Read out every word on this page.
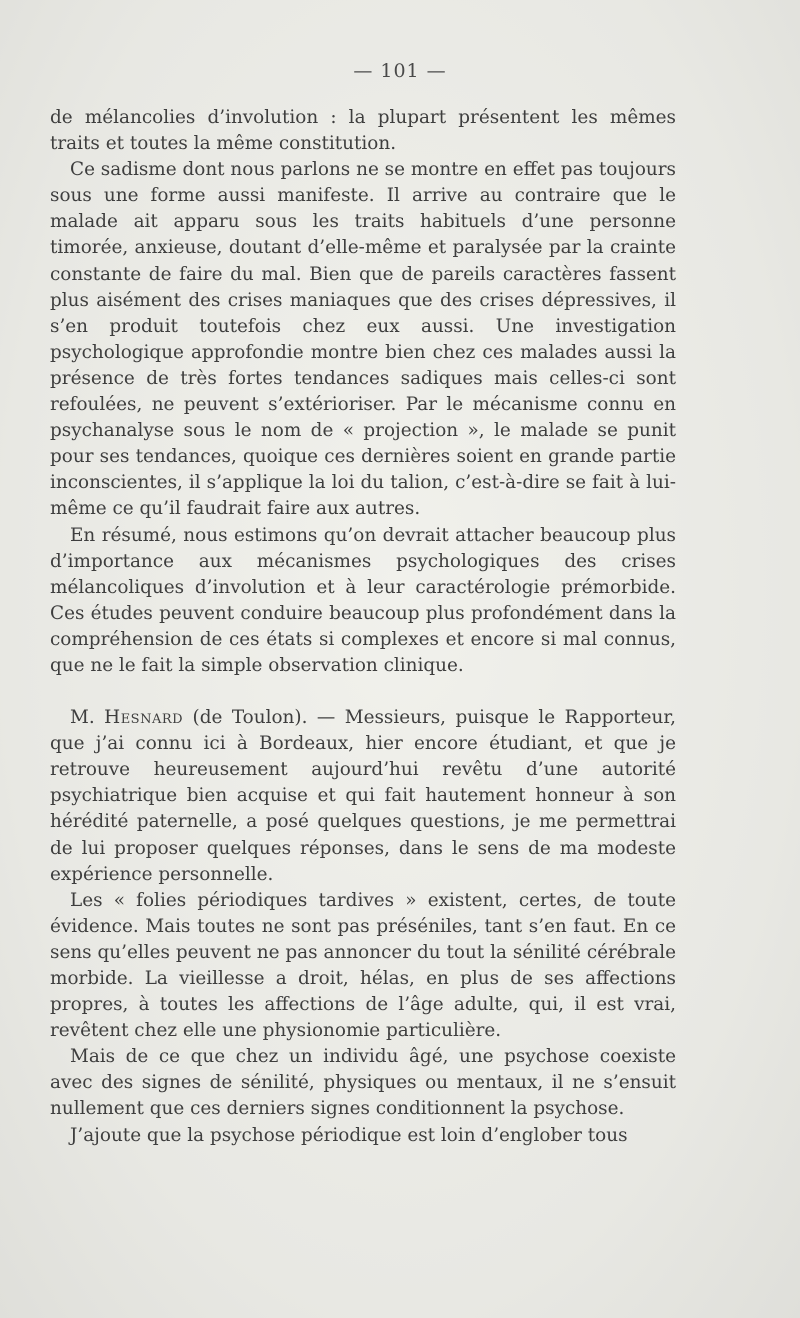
— 101 —

de mélancolies d’involution : la plupart présentent les mêmes traits et toutes la même constitution.

Ce sadisme dont nous parlons ne se montre en effet pas toujours sous une forme aussi manifeste. Il arrive au contraire que le malade ait apparu sous les traits habituels d’une personne timorée, anxieuse, doutant d’elle-même et paralysée par la crainte constante de faire du mal. Bien que de pareils caractères fassent plus aisément des crises maniaques que des crises dépressives, il s’en produit toutefois chez eux aussi. Une investigation psychologique approfondie montre bien chez ces malades aussi la présence de très fortes tendances sadiques mais celles-ci sont refoulées, ne peuvent s’extérioriser. Par le mécanisme connu en psychanalyse sous le nom de « projection », le malade se punit pour ses tendances, quoique ces dernières soient en grande partie inconscientes, il s’applique la loi du talion, c’est-à-dire se fait à lui-même ce qu’il faudrait faire aux autres.

En résumé, nous estimons qu’on devrait attacher beaucoup plus d’importance aux mécanismes psychologiques des crises mélancoliques d’involution et à leur caractérologie prémorbide. Ces études peuvent conduire beaucoup plus profondément dans la compréhension de ces états si complexes et encore si mal connus, que ne le fait la simple observation clinique.

M. Hesnard (de Toulon). — Messieurs, puisque le Rapporteur, que j’ai connu ici à Bordeaux, hier encore étudiant, et que je retrouve heureusement aujourd’hui revêtu d’une autorité psychiatrique bien acquise et qui fait hautement honneur à son hérédité paternelle, a posé quelques questions, je me permettrai de lui proposer quelques réponses, dans le sens de ma modeste expérience personnelle.

Les « folies périodiques tardives » existent, certes, de toute évidence. Mais toutes ne sont pas préséniles, tant s’en faut. En ce sens qu’elles peuvent ne pas annoncer du tout la sénilité cérébrale morbide. La vieillesse a droit, hélas, en plus de ses affections propres, à toutes les affections de l’âge adulte, qui, il est vrai, revêtent chez elle une physionomie particulière.

Mais de ce que chez un individu âgé, une psychose coexiste avec des signes de sénilité, physiques ou mentaux, il ne s’ensuit nullement que ces derniers signes conditionnent la psychose.

J’ajoute que la psychose périodique est loin d’englober tous
